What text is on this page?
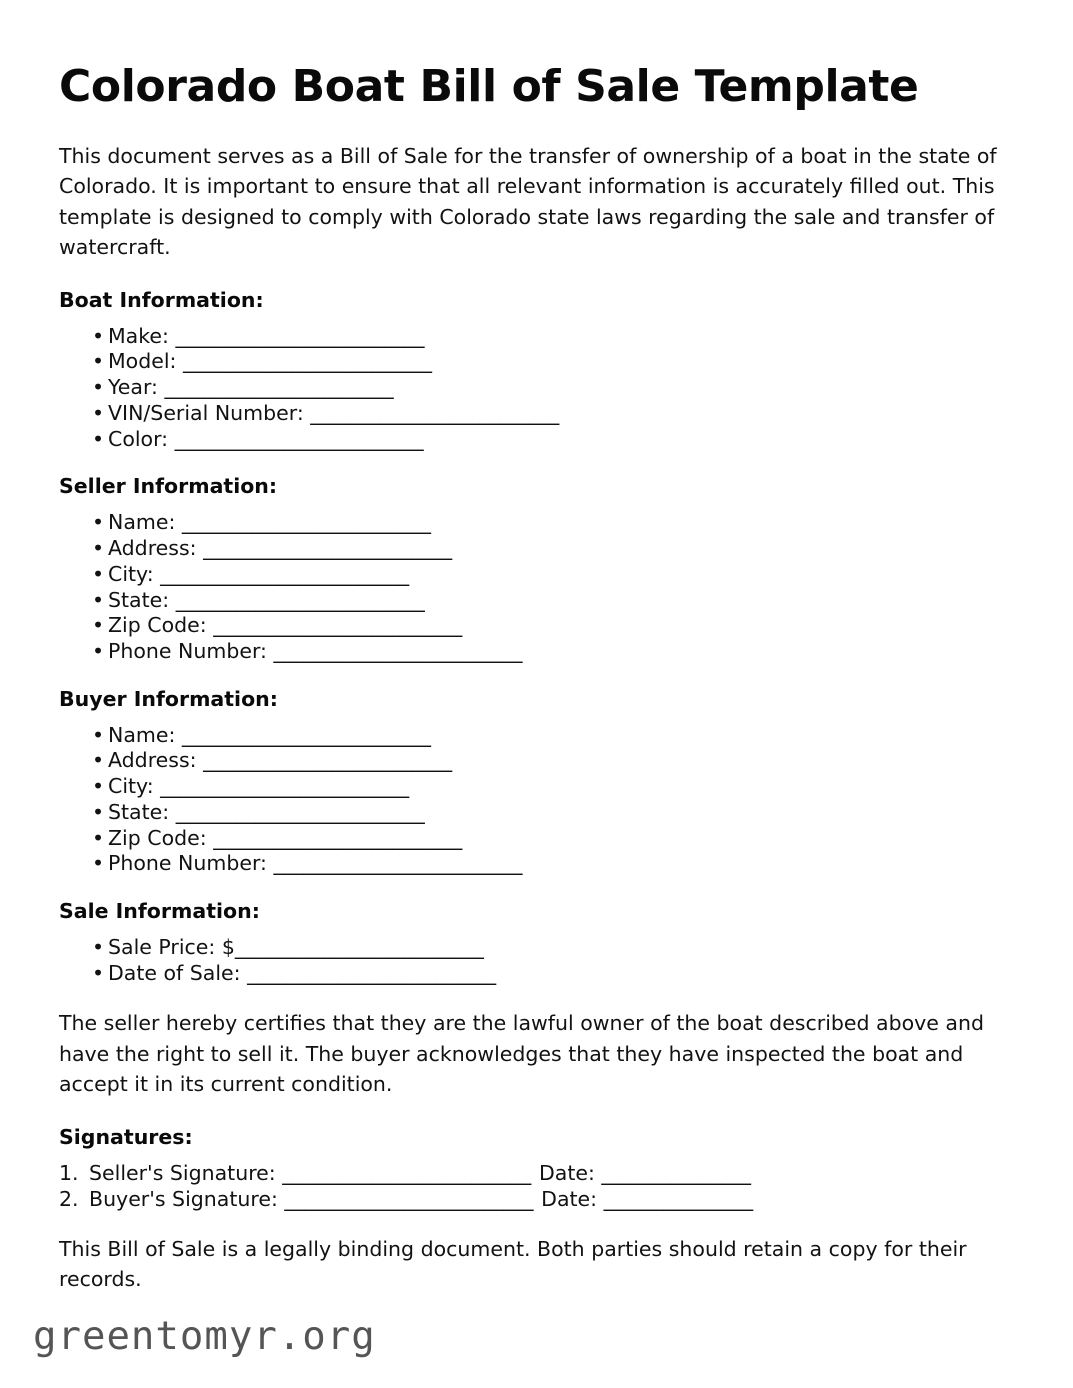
Colorado Boat Bill of Sale Template

This document serves as a Bill of Sale for the transfer of ownership of a boat in the state of Colorado. It is important to ensure that all relevant information is accurately filled out. This template is designed to comply with Colorado state laws regarding the sale and transfer of watercraft.

Boat Information:
• Make: _________________________
• Model: _________________________
• Year: _______________________
• VIN/Serial Number: _________________________
• Color: _________________________
Seller Information:
• Name: _________________________
• Address: _________________________
• City: _________________________
• State: _________________________
• Zip Code: _________________________
• Phone Number: _________________________
Buyer Information:
• Name: _________________________
• Address: _________________________
• City: _________________________
• State: _________________________
• Zip Code: _________________________
• Phone Number: _________________________
Sale Information:
• Sale Price: $_________________________
• Date of Sale: _________________________

The seller hereby certifies that they are the lawful owner of the boat described above and have the right to sell it. The buyer acknowledges that they have inspected the boat and accept it in its current condition.

Signatures:
1. Seller's Signature: _________________________ Date: _______________
2. Buyer's Signature: _________________________ Date: _______________

This Bill of Sale is a legally binding document. Both parties should retain a copy for their records.

greentomyr.org
